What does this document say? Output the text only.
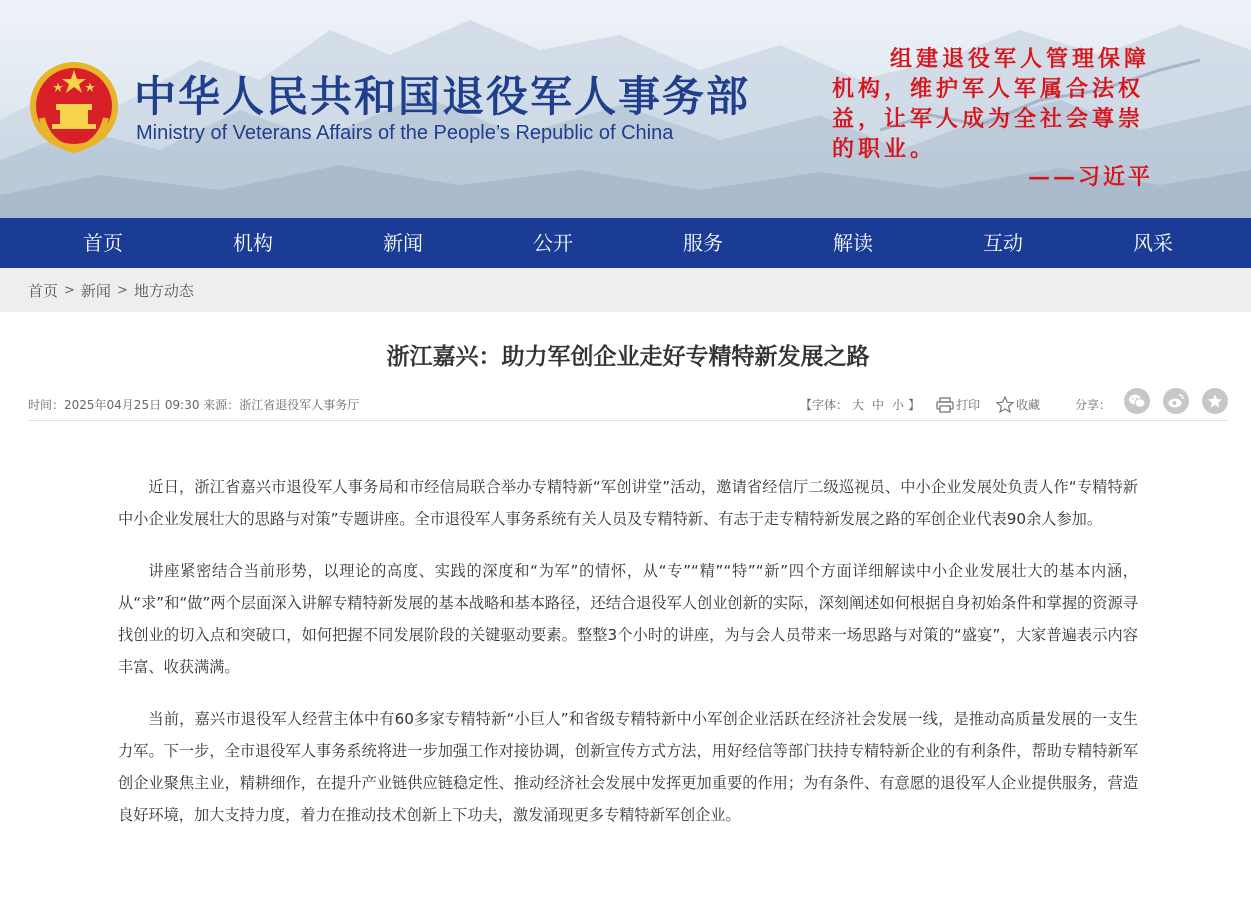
中华人民共和国退役军人事务部
Ministry of Veterans Affairs of the People’s Republic of China
组建退役军人管理保障
机构，维护军人军属合法权
益，让军人成为全社会尊崇
的职业。
——习近平
首页	机构	新闻	公开	服务	解读	互动	风采
首页 > 新闻 > 地方动态
浙江嘉兴：助力军创企业走好专精特新发展之路
时间：2025年04月25日 09:30 来源：浙江省退役军人事务厅	【字体： 大 中 小 】	打印	收藏	分享：

近日，浙江省嘉兴市退役军人事务局和市经信局联合举办专精特新“军创讲堂”活动，邀请省经信厅二级巡视员、中小企业发展处负责人作“专精特新中小企业发展壮大的思路与对策”专题讲座。全市退役军人事务系统有关人员及专精特新、有志于走专精特新发展之路的军创企业代表90余人参加。

讲座紧密结合当前形势，以理论的高度、实践的深度和“为军”的情怀，从“专”“精”“特”“新”四个方面详细解读中小企业发展壮大的基本内涵，从“求”和“做”两个层面深入讲解专精特新发展的基本战略和基本路径，还结合退役军人创业创新的实际，深刻阐述如何根据自身初始条件和掌握的资源寻找创业的切入点和突破口，如何把握不同发展阶段的关键驱动要素。整整3个小时的讲座，为与会人员带来一场思路与对策的“盛宴”，大家普遍表示内容丰富、收获满满。

当前，嘉兴市退役军人经营主体中有60多家专精特新“小巨人”和省级专精特新中小军创企业活跃在经济社会发展一线，是推动高质量发展的一支生力军。下一步，全市退役军人事务系统将进一步加强工作对接协调，创新宣传方式方法，用好经信等部门扶持专精特新企业的有利条件，帮助专精特新军创企业聚焦主业，精耕细作，在提升产业链供应链稳定性、推动经济社会发展中发挥更加重要的作用；为有条件、有意愿的退役军人企业提供服务，营造良好环境，加大支持力度，着力在推动技术创新上下功夫，激发涌现更多专精特新军创企业。
